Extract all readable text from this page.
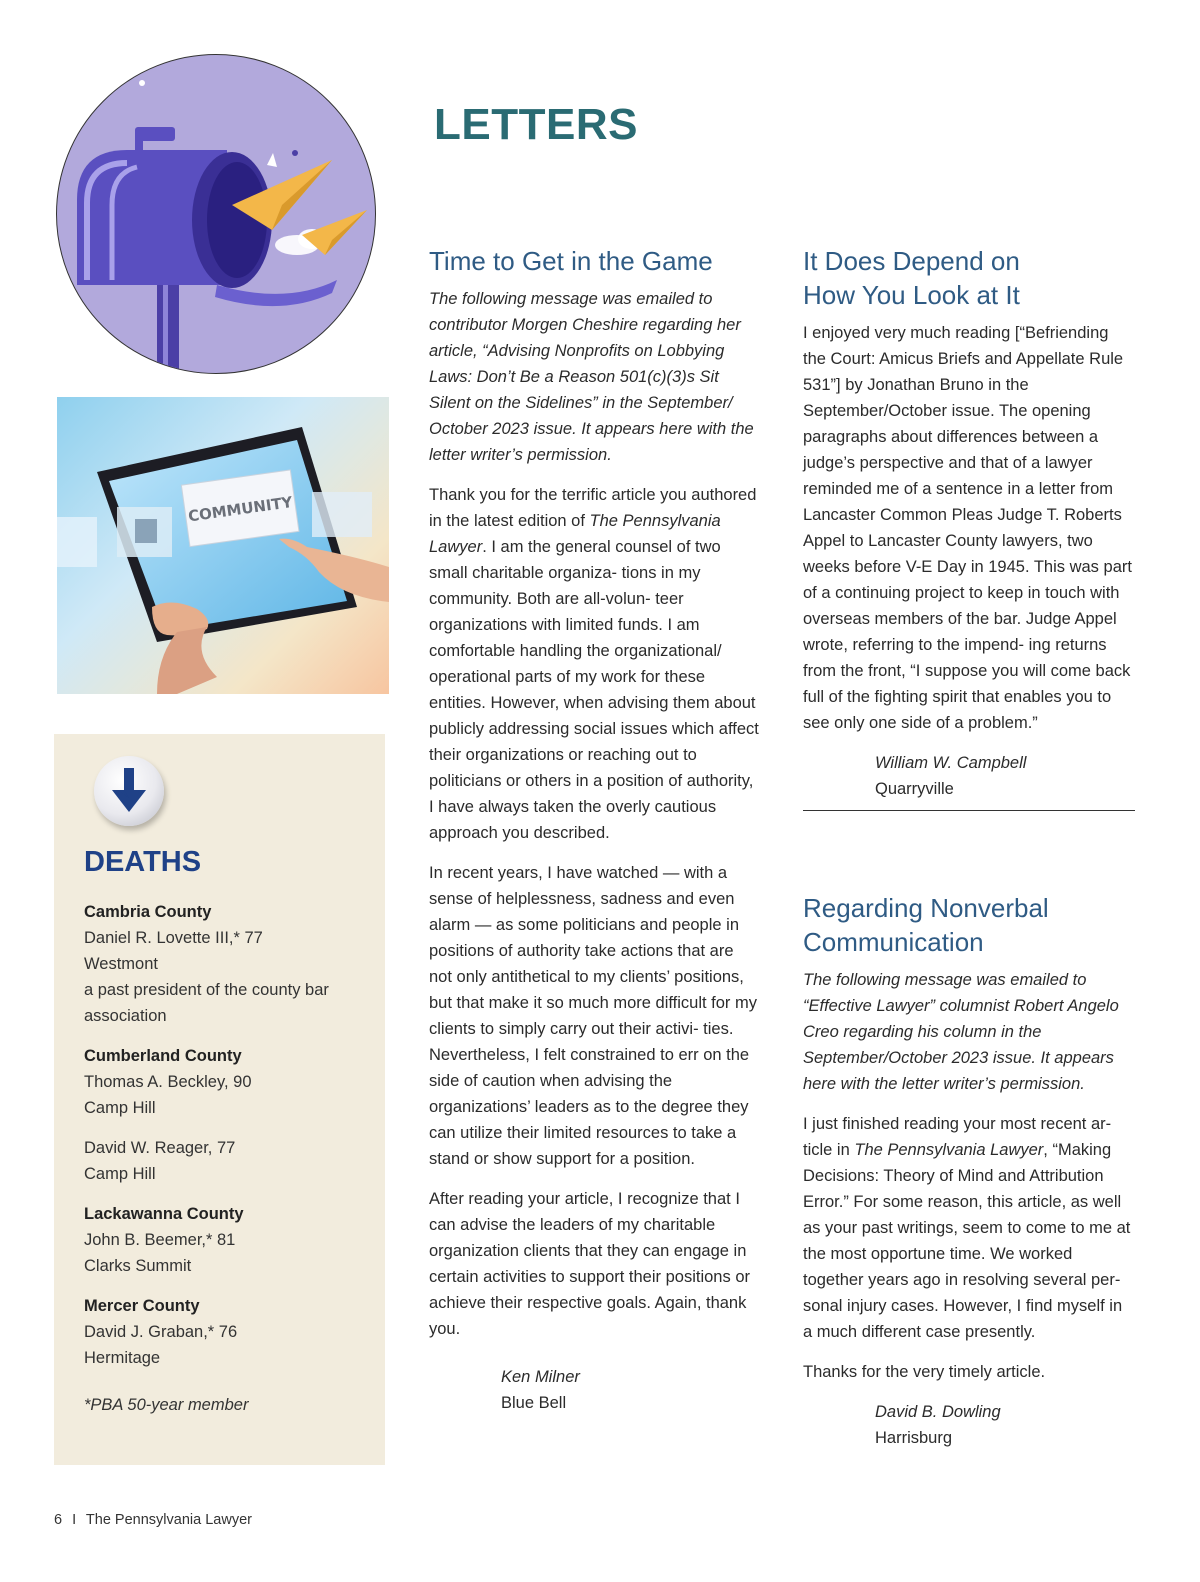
LETTERS
COMMUNITY
DEATHS
Cambria County
Daniel R. Lovette III,* 77
Westmont
a past president of the county bar association
Cumberland County
Thomas A. Beckley, 90
Camp Hill
David W. Reager, 77
Camp Hill
Lackawanna County
John B. Beemer,* 81
Clarks Summit
Mercer County
David J. Graban,* 76
Hermitage
*PBA 50-year member
Time to Get in the Game

The following message was emailed to contributor Morgen Cheshire regarding her article, “Advising Nonprofits on Lobbying Laws: Don’t Be a Reason 501(c)(3)s Sit Silent on the Sidelines” in the September/ October 2023 issue. It appears here with the letter writer’s permission.

Thank you for the terrific article you authored in the latest edition of The Pennsylvania Lawyer. I am the general counsel of two small charitable organiza- tions in my community. Both are all-volun- teer organizations with limited funds. I am comfortable handling the organizational/ operational parts of my work for these entities. However, when advising them about publicly addressing social issues which affect their organizations or reaching out to politicians or others in a position of authority, I have always taken the overly cautious approach you described.

In recent years, I have watched — with a sense of helplessness, sadness and even alarm — as some politicians and people in positions of authority take actions that are not only antithetical to my clients’ positions, but that make it so much more difficult for my clients to simply carry out their activi- ties. Nevertheless, I felt constrained to err on the side of caution when advising the organizations’ leaders as to the degree they can utilize their limited resources to take a stand or show support for a position.

After reading your article, I recognize that I can advise the leaders of my charitable organization clients that they can engage in certain activities to support their positions or achieve their respective goals. Again, thank you.

Ken Milner
Blue Bell
It Does Depend on
How You Look at It

I enjoyed very much reading [“Befriending the Court: Amicus Briefs and Appellate Rule 531”] by Jonathan Bruno in the September/October issue. The opening paragraphs about differences between a judge’s perspective and that of a lawyer reminded me of a sentence in a letter from Lancaster Common Pleas Judge T. Roberts Appel to Lancaster County lawyers, two weeks before V-E Day in 1945. This was part of a continuing project to keep in touch with overseas members of the bar. Judge Appel wrote, referring to the impend- ing returns from the front, “I suppose you will come back full of the fighting spirit that enables you to see only one side of a problem.”

William W. Campbell
Quarryville
Regarding Nonverbal
Communication

The following message was emailed to “Effective Lawyer” columnist Robert Angelo Creo regarding his column in the September/October 2023 issue. It appears here with the letter writer’s permission.

I just finished reading your most recent ar- ticle in The Pennsylvania Lawyer, “Making Decisions: Theory of Mind and Attribution Error.” For some reason, this article, as well as your past writings, seem to come to me at the most opportune time. We worked together years ago in resolving several per- sonal injury cases. However, I find myself in a much different case presently.

Thanks for the very timely article.

David B. Dowling
Harrisburg
6 I The Pennsylvania Lawyer
